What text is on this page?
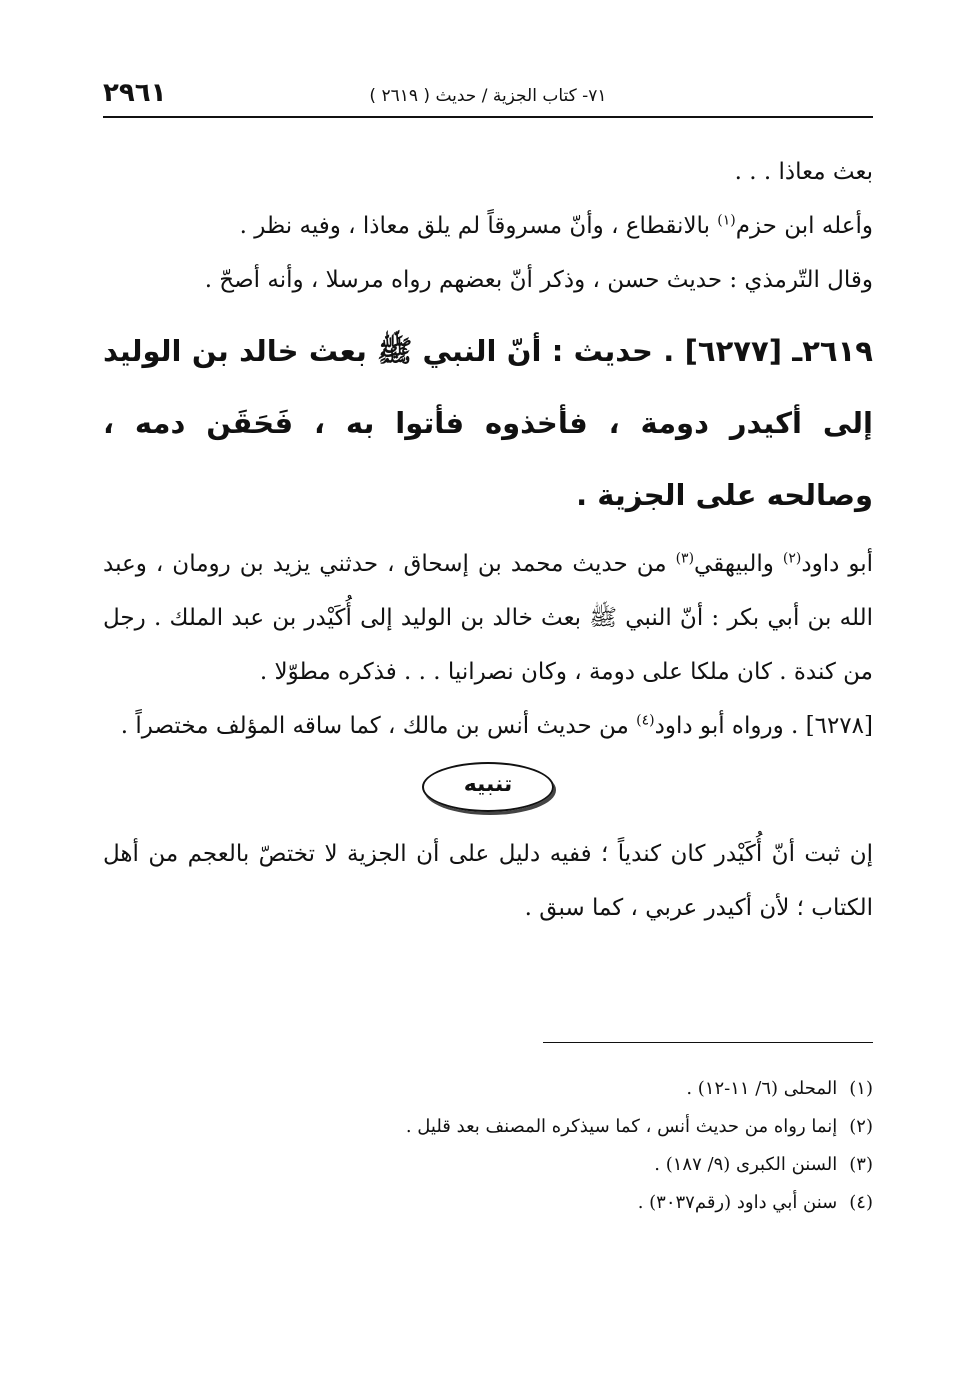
٢٩٦١	٧١- كتاب الجزية / حديث ( ٢٦١٩ )

بعث معاذا . . .

وأعله ابن حزم$^{(١)}$ بالانقطاع ، وأنّ مسروقاً لم يلق معاذا ، وفيه نظر .

وقال التّرمذي : حديث حسن ، وذكر أنّ بعضهم رواه مرسلا ، وأنه أصحّ .

٢٦١٩ـ [٦٢٧٧] . حديث : أنّ النبي ﷺ بعث خالد بن الوليد إلى أكيدر دومة ، فأخذوه فأتوا به ، فَحَقَن دمه ، وصالحه على الجزية .

أبو داود$^{(٢)}$ والبيهقي$^{(٣)}$ من حديث محمد بن إسحاق ، حدثني يزيد بن رومان ، وعبد الله بن أبي بكر : أنّ النبي ﷺ بعث خالد بن الوليد إلى أُكَيْدر بن عبد الملك . رجل من كندة . كان ملكا على دومة ، وكان نصرانيا . . . فذكره مطوّلا .

[٦٢٧٨] . ورواه أبو داود$^{(٤)}$ من حديث أنس بن مالك ، كما ساقه المؤلف مختصراً .

تنبيه

إن ثبت أنّ أُكَيْدر كان كندياً ؛ ففيه دليل على أن الجزية لا تختصّ بالعجم من أهل الكتاب ؛ لأن أكيدر عربي ، كما سبق .

(١)المحلى (٦/ ١١-١٢) .

(٢)إنما رواه من حديث أنس ، كما سيذكره المصنف بعد قليل .

(٣)السنن الكبرى (٩/ ١٨٧) .

(٤)سنن أبي داود (رقم٣٠٣٧) .
